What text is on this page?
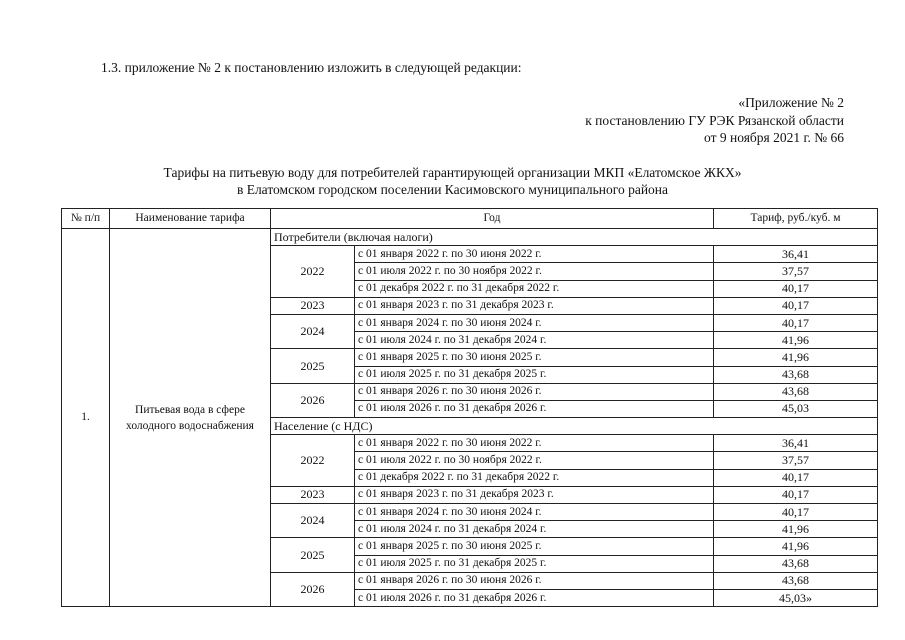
1.3. приложение № 2 к постановлению изложить в следующей редакции:
«Приложение № 2
к постановлению ГУ РЭК Рязанской области
от 9 ноября 2021 г. № 66
Тарифы на питьевую воду для потребителей гарантирующей организации МКП «Елатомское ЖКХ»
в Елатомском городском поселении Касимовского муниципального района
№ п/п	Наименование тарифа	Год		Тариф, руб./куб. м
1.	Питьевая вода в сфере холодного водоснабжения	Потребители (включая налоги)		
		2022	с 01 января 2022 г. по 30 июня 2022 г.	36,41
			с 01 июля 2022 г. по 30 ноября 2022 г.	37,57
			с 01 декабря 2022 г. по 31 декабря 2022 г.	40,17
		2023	с 01 января 2023 г. по 31 декабря 2023 г.	40,17
		2024	с 01 января 2024 г. по 30 июня 2024 г.	40,17
			с 01 июля 2024 г. по 31 декабря 2024 г.	41,96
		2025	с 01 января 2025 г. по 30 июня 2025 г.	41,96
			с 01 июля 2025 г. по 31 декабря 2025 г.	43,68
		2026	с 01 января 2026 г. по 30 июня 2026 г.	43,68
			с 01 июля 2026 г. по 31 декабря 2026 г.	45,03
		Население (с НДС)		
		2022	с 01 января 2022 г. по 30 июня 2022 г.	36,41
			с 01 июля 2022 г. по 30 ноября 2022 г.	37,57
			с 01 декабря 2022 г. по 31 декабря 2022 г.	40,17
		2023	с 01 января 2023 г. по 31 декабря 2023 г.	40,17
		2024	с 01 января 2024 г. по 30 июня 2024 г.	40,17
			с 01 июля 2024 г. по 31 декабря 2024 г.	41,96
		2025	с 01 января 2025 г. по 30 июня 2025 г.	41,96
			с 01 июля 2025 г. по 31 декабря 2025 г.	43,68
		2026	с 01 января 2026 г. по 30 июня 2026 г.	43,68
			с 01 июля 2026 г. по 31 декабря 2026 г.	45,03»
